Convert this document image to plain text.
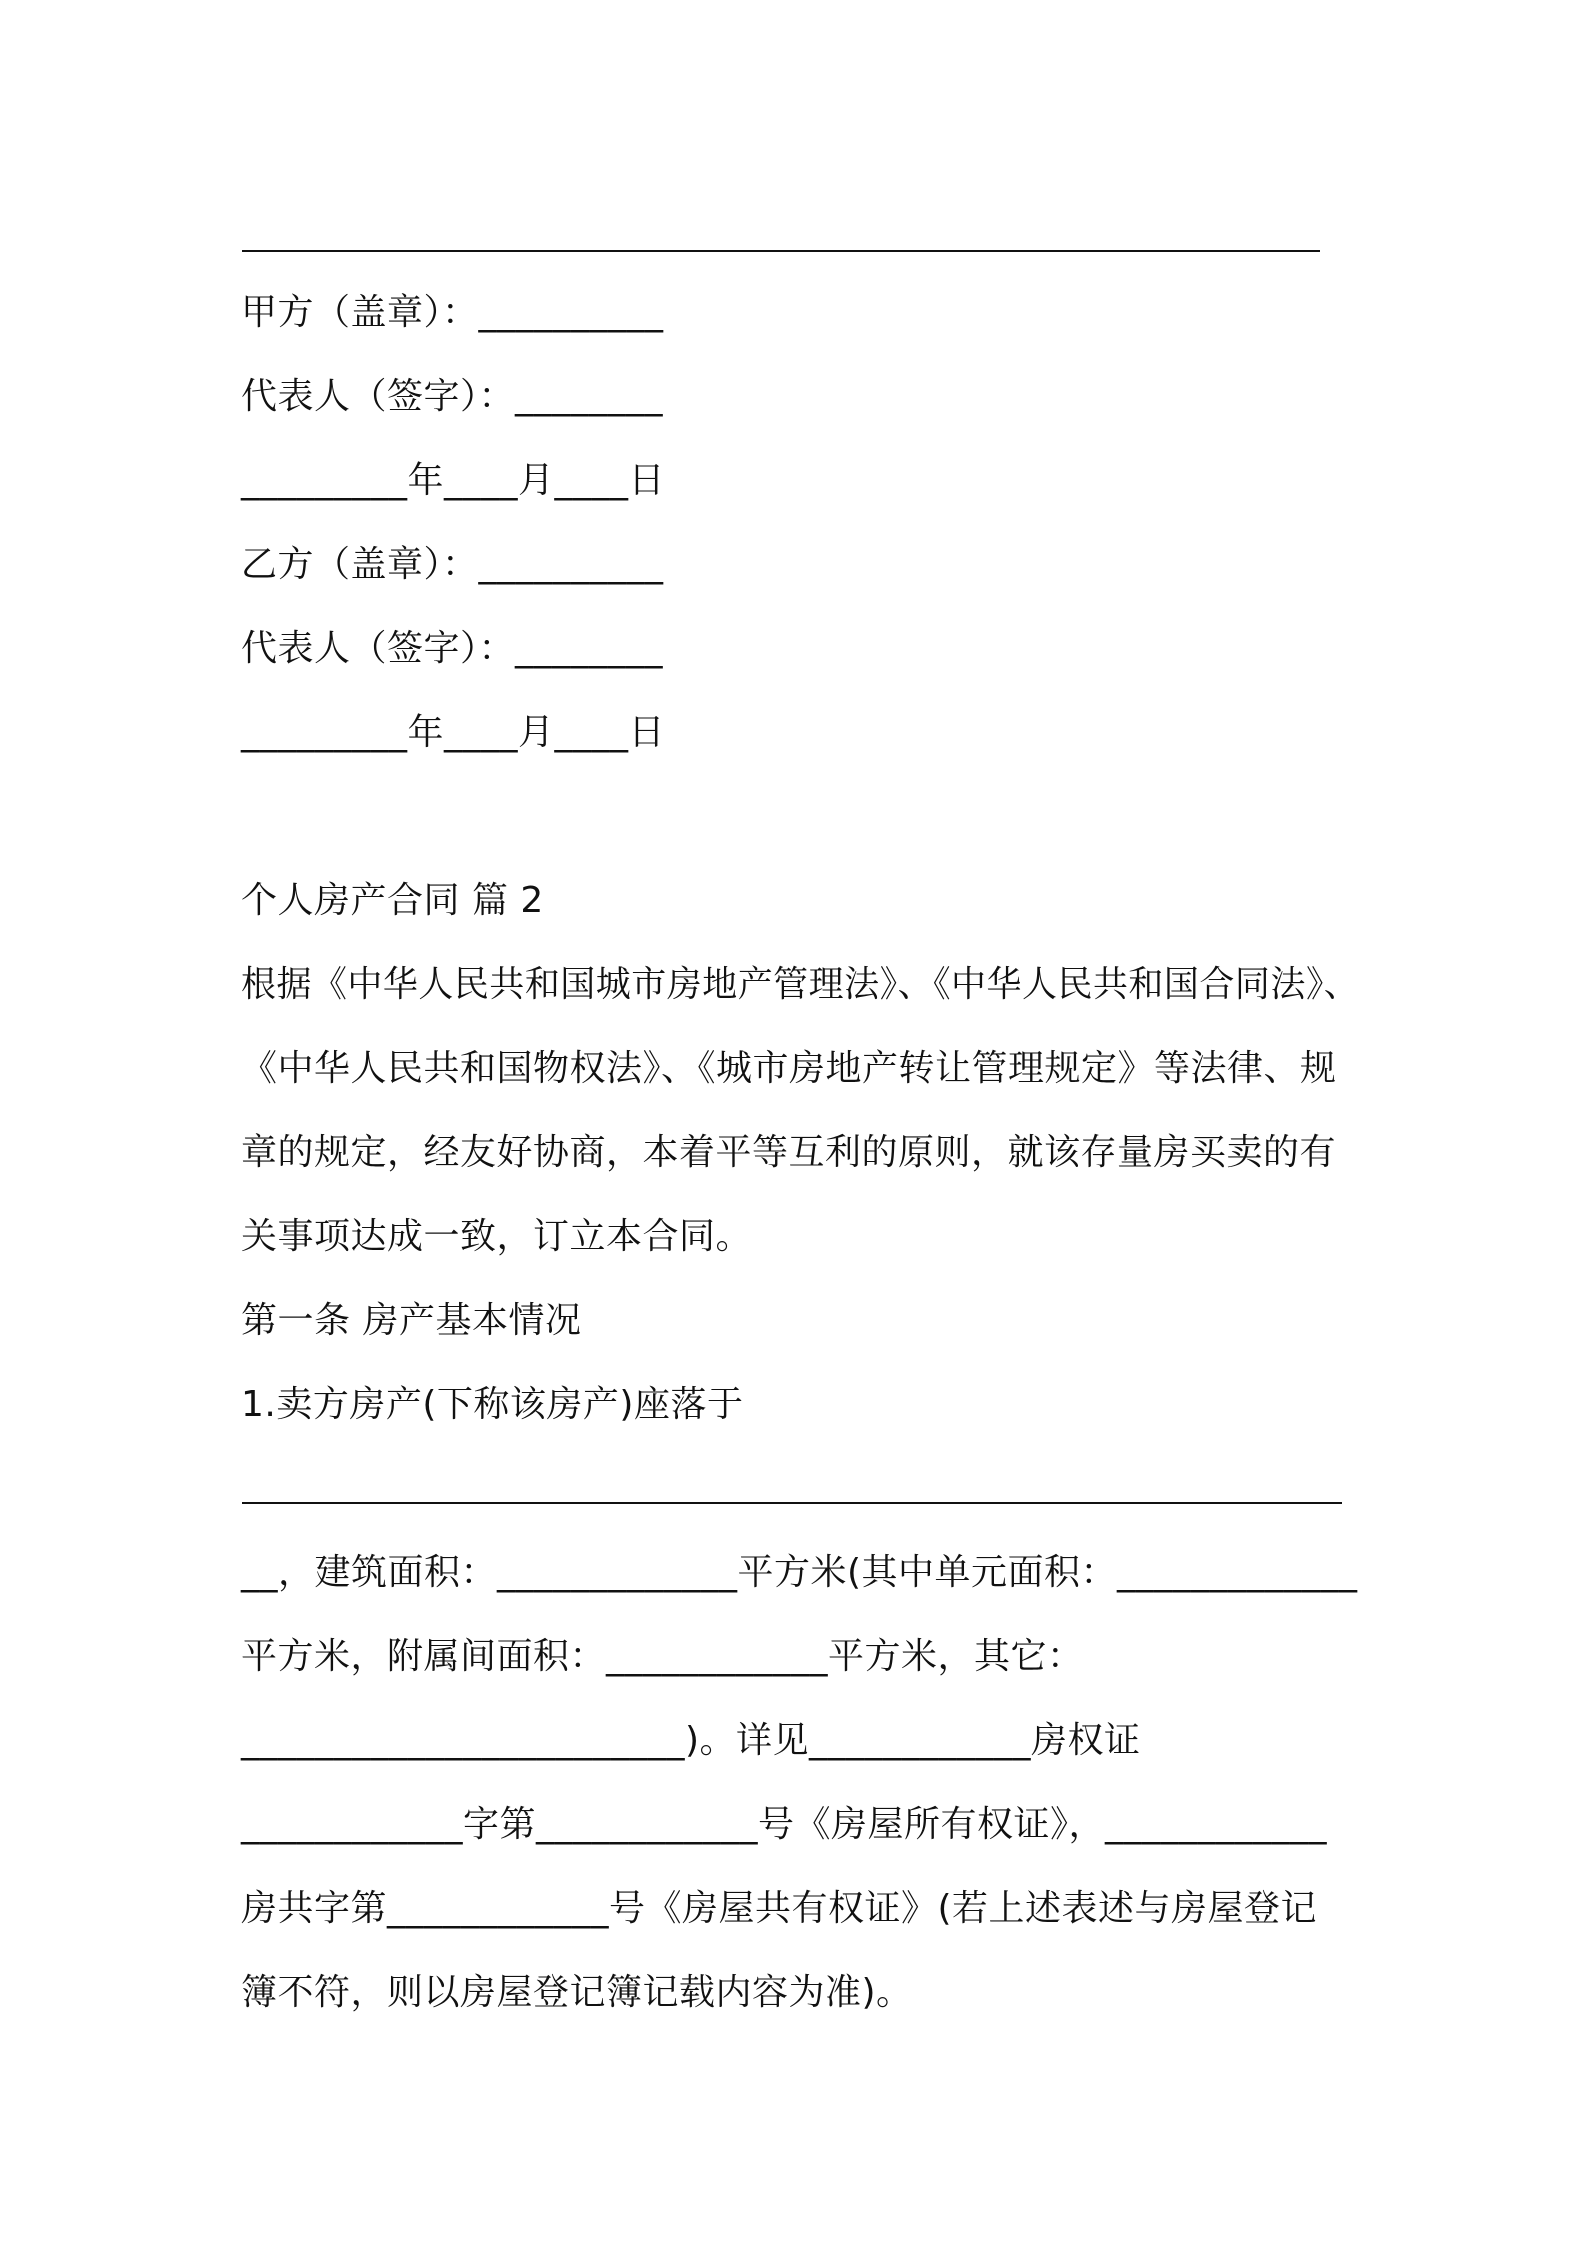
甲方（盖章）：__________
代表人（签字）：________
_________年____月____日
乙方（盖章）：__________
代表人（签字）：________
_________年____月____日
个人房产合同 篇 2
根据《中华人民共和国城市房地产管理法》、《中华人民共和国合同法》、
《中华人民共和国物权法》、《城市房地产转让管理规定》等法律、规
章的规定，经友好协商，本着平等互利的原则，就该存量房买卖的有
关事项达成一致，订立本合同。
第一条 房产基本情况
1.卖方房产(下称该房产)座落于
__，建筑面积：_____________平方米(其中单元面积：_____________
平方米，附属间面积：____________平方米，其它：
________________________)。详见____________房权证
____________字第____________号《房屋所有权证》，____________
房共字第____________号《房屋共有权证》(若上述表述与房屋登记
簿不符，则以房屋登记簿记载内容为准)。
